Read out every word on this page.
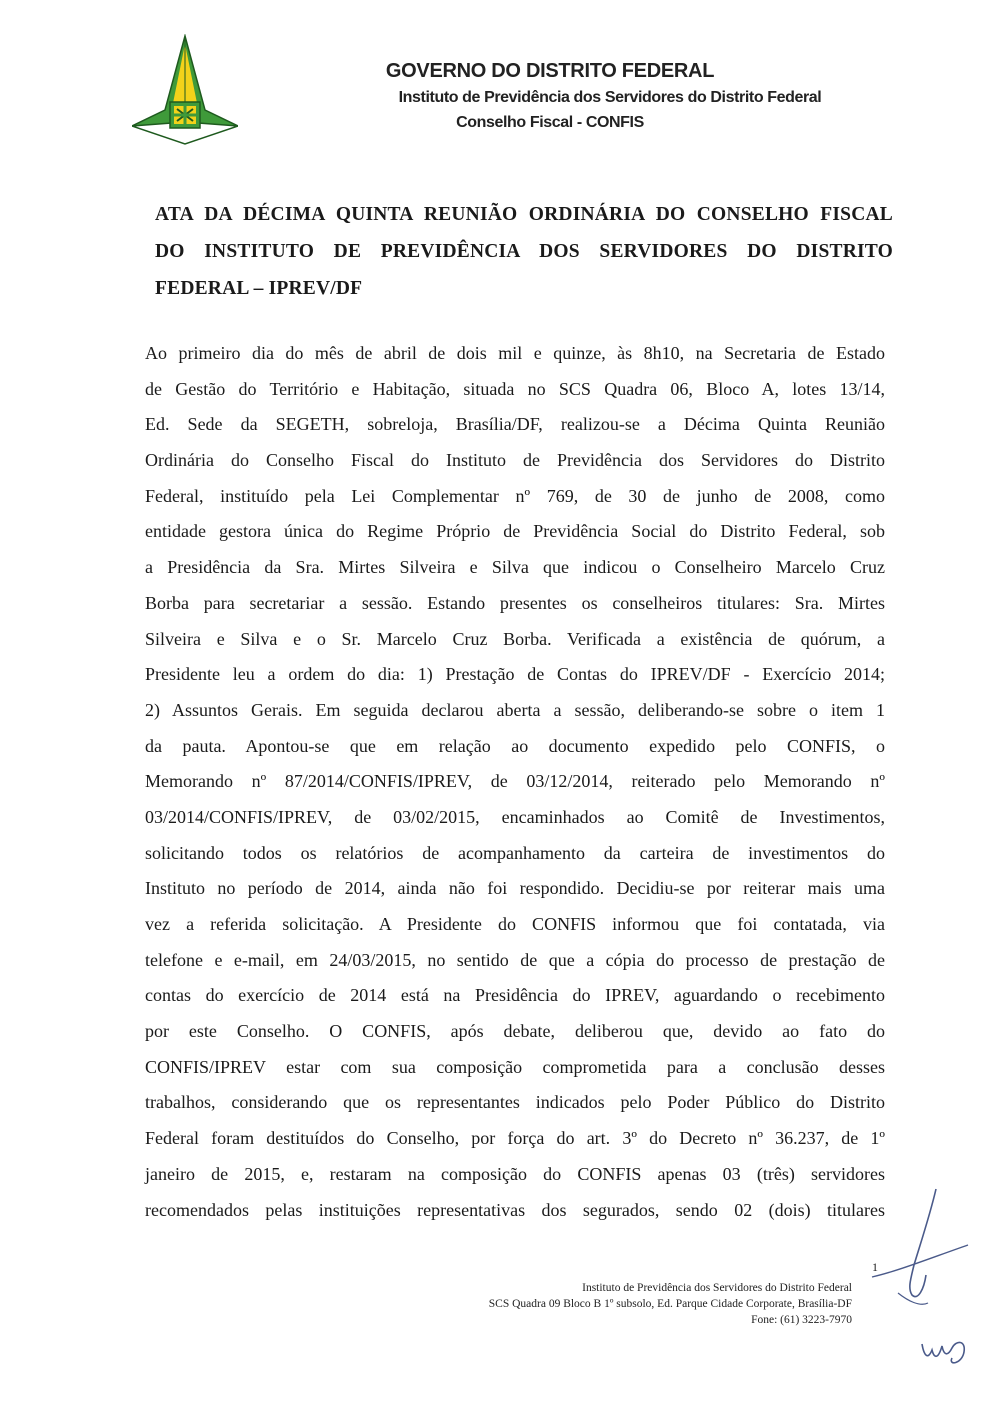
GOVERNO DO DISTRITO FEDERAL
Instituto de Previdência dos Servidores do Distrito Federal
Conselho Fiscal - CONFIS
ATA DA DÉCIMA QUINTA REUNIÃO ORDINÁRIA DO CONSELHO FISCAL
DO INSTITUTO DE PREVIDÊNCIA DOS SERVIDORES DO DISTRITO
FEDERAL – IPREV/DF
Ao primeiro dia do mês de abril de dois mil e quinze, às 8h10, na Secretaria de Estado
de Gestão do Território e Habitação, situada no SCS Quadra 06, Bloco A, lotes 13/14,
Ed. Sede da SEGETH, sobreloja, Brasília/DF, realizou-se a Décima Quinta Reunião
Ordinária do Conselho Fiscal do Instituto de Previdência dos Servidores do Distrito
Federal, instituído pela Lei Complementar nº 769, de 30 de junho de 2008, como
entidade gestora única do Regime Próprio de Previdência Social do Distrito Federal, sob
a Presidência da Sra. Mirtes Silveira e Silva que indicou o Conselheiro Marcelo Cruz
Borba para secretariar a sessão. Estando presentes os conselheiros titulares: Sra. Mirtes
Silveira e Silva e o Sr. Marcelo Cruz Borba. Verificada a existência de quórum, a
Presidente leu a ordem do dia: 1) Prestação de Contas do IPREV/DF - Exercício 2014;
2) Assuntos Gerais. Em seguida declarou aberta a sessão, deliberando-se sobre o item 1
da pauta. Apontou-se que em relação ao documento expedido pelo CONFIS, o
Memorando nº 87/2014/CONFIS/IPREV, de 03/12/2014, reiterado pelo Memorando nº
03/2014/CONFIS/IPREV, de 03/02/2015, encaminhados ao Comitê de Investimentos,
solicitando todos os relatórios de acompanhamento da carteira de investimentos do
Instituto no período de 2014, ainda não foi respondido. Decidiu-se por reiterar mais uma
vez a referida solicitação. A Presidente do CONFIS informou que foi contatada, via
telefone e e-mail, em 24/03/2015, no sentido de que a cópia do processo de prestação de
contas do exercício de 2014 está na Presidência do IPREV, aguardando o recebimento
por este Conselho. O CONFIS, após debate, deliberou que, devido ao fato do
CONFIS/IPREV estar com sua composição comprometida para a conclusão desses
trabalhos, considerando que os representantes indicados pelo Poder Público do Distrito
Federal foram destituídos do Conselho, por força do art. 3º do Decreto nº 36.237, de 1º
janeiro de 2015, e, restaram na composição do CONFIS apenas 03 (três) servidores
recomendados pelas instituições representativas dos segurados, sendo 02 (dois) titulares
1
Instituto de Previdência dos Servidores do Distrito Federal
SCS Quadra 09 Bloco B 1º subsolo, Ed. Parque Cidade Corporate, Brasília-DF
Fone: (61) 3223-7970
